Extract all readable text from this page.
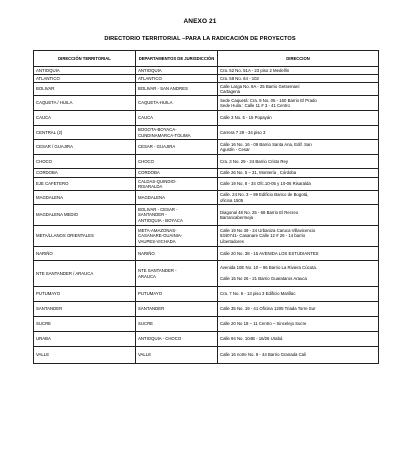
ANEXO 21
DIRECTORIO TERRITORIAL –PARA LA RADICACIÓN DE PROYECTOS
DIRECCIÓN TERRITORIAL	DEPARTAMENTOS DE JURISDICCIÓN	DIRECCION
ANTIOQUIA	ANTIOQUIA	Cra. 52 No. 51A - 23 piso 2 Medellín
ATLANTICO	ATLANTICO	Cra. 58 No. 64 - 102
BOLIVAR	BOLIVAR - SAN ANDRES	Calle Larga No. 9A - 25 Barrio Getsemaní
Cartagena
CAQUETA / HUILA	CAQUETA-HUILA	Sede Caquetá: Cra. 9 No. 05 - 160 Barrio El Prado
Sede Huila : Calle 11 # 3 - 41 Centro
CAUCA	CAUCA	Calle 3 No. 5 - 15 Popayán
CENTRAL (2)	BOGOTA-BOYACA-
CUNDINAMARCA-TOLIMA	Carrera 7 29 - 34 piso 3
CESAR / GUAJIRA	CESAR - GUAJIRA	Calle 16 No. 16 - 09 Barrio Santa Ana, Edif. San
Agustín - Cesar
CHOCO	CHOCO	Cra. 3 No. 29 - 24 Barrio Cristo Rey
CORDOBA	CORDOBA	Calle 26 No. 5 – 31, Montería , Córdoba
EJE CAFETERO	CALDAS-QUINDIO-
RISARALDA	Calle 19 No. 8 - 34 Ofc.10-05 y 10-06 Risaralda
MAGDALENA	MAGDALENA	Calle. 24 No. 3 – 99 Edificio Banco de Bogotá,
oficina 1505
MAGDALENA MEDIO	BOLIVAR - CESAR -
SANTANDER -
ANTIOQUIA - BOYACA	Diagonal 48 No. 25 - 68 Barrio El Recreo
Barrancabermeja
META/LLANOS ORIENTALES	META-AMAZONAS-
CASANARE-GUAINIA-
VAUPES-VICHADA	Calle 19 No 39 - 24 Urbaniza Caruca Villavicencio
6340741- Casanare Calle 12 # 26 - 14 barrio
Libertadores
NARIÑO	NARIÑO	Calle 20 No. 38 - 15 AVENIDA LOS ESTUDIANTES
NTE SANTANDER / ARAUCA	NTE SANTANDER -
ARAUCA	Avenida 10E No. 10 – 96 Barrio La Riviera Cúcuta.

Calle 15 No 26 - 21 Barrio Guarataros Arauca
PUTUMAYO	PUTUMAYO	Cra. 7 No. 6 - 13 piso 3 Edificio Marillac
SANTANDER	SANTANDER	Calle 35 No. 19 - 41 Oficina 1205 Triada Torre Sur
SUCRE	SUCRE	Calle 20 No 18 – 11 Centro – Sincelejo Sucre
URABA	ANTIOQUIA - CHOCO	Calle 94 No. 104B - 16/26 Urabá
VALLE	VALLE	Calle 16 norte No. 9 - 44 Barrio Granada Cali
